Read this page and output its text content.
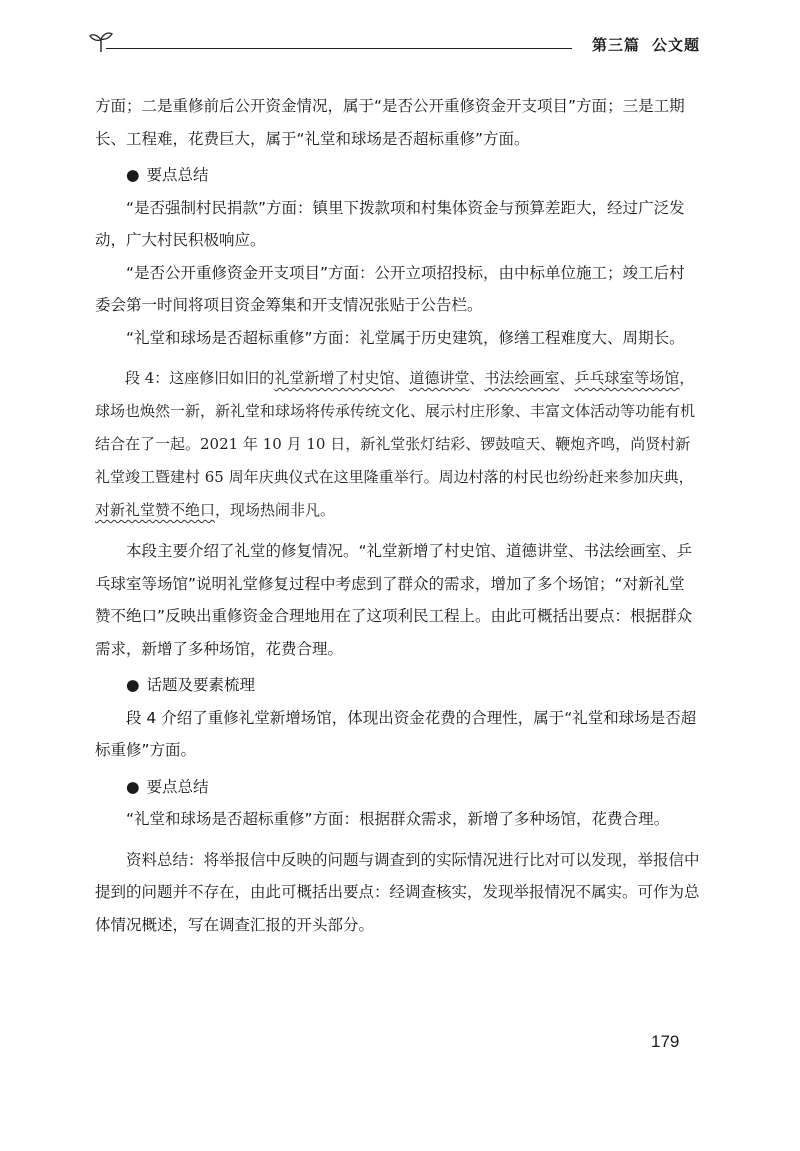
第三篇 公文题

方面；二是重修前后公开资金情况，属于“是否公开重修资金开支项目”方面；三是工期长、工程难，花费巨大，属于“礼堂和球场是否超标重修”方面。

● 要点总结

“是否强制村民捐款”方面：镇里下拨款项和村集体资金与预算差距大，经过广泛发动，广大村民积极响应。

“是否公开重修资金开支项目”方面：公开立项招投标，由中标单位施工；竣工后村委会第一时间将项目资金筹集和开支情况张贴于公告栏。

“礼堂和球场是否超标重修”方面：礼堂属于历史建筑，修缮工程难度大、周期长。

段 4：这座修旧如旧的礼堂新增了村史馆、道德讲堂、书法绘画室、乒乓球室等场馆，球场也焕然一新，新礼堂和球场将传承传统文化、展示村庄形象、丰富文体活动等功能有机结合在了一起。2021 年 10 月 10 日，新礼堂张灯结彩、锣鼓喧天、鞭炮齐鸣，尚贤村新礼堂竣工暨建村 65 周年庆典仪式在这里隆重举行。周边村落的村民也纷纷赶来参加庆典，对新礼堂赞不绝口，现场热闹非凡。

本段主要介绍了礼堂的修复情况。“礼堂新增了村史馆、道德讲堂、书法绘画室、乒乓球室等场馆”说明礼堂修复过程中考虑到了群众的需求，增加了多个场馆；“对新礼堂赞不绝口”反映出重修资金合理地用在了这项利民工程上。由此可概括出要点：根据群众需求，新增了多种场馆，花费合理。

● 话题及要素梳理

段 4 介绍了重修礼堂新增场馆，体现出资金花费的合理性，属于“礼堂和球场是否超标重修”方面。

● 要点总结

“礼堂和球场是否超标重修”方面：根据群众需求，新增了多种场馆，花费合理。

资料总结：将举报信中反映的问题与调查到的实际情况进行比对可以发现，举报信中提到的问题并不存在，由此可概括出要点：经调查核实，发现举报情况不属实。可作为总体情况概述，写在调查汇报的开头部分。

179
